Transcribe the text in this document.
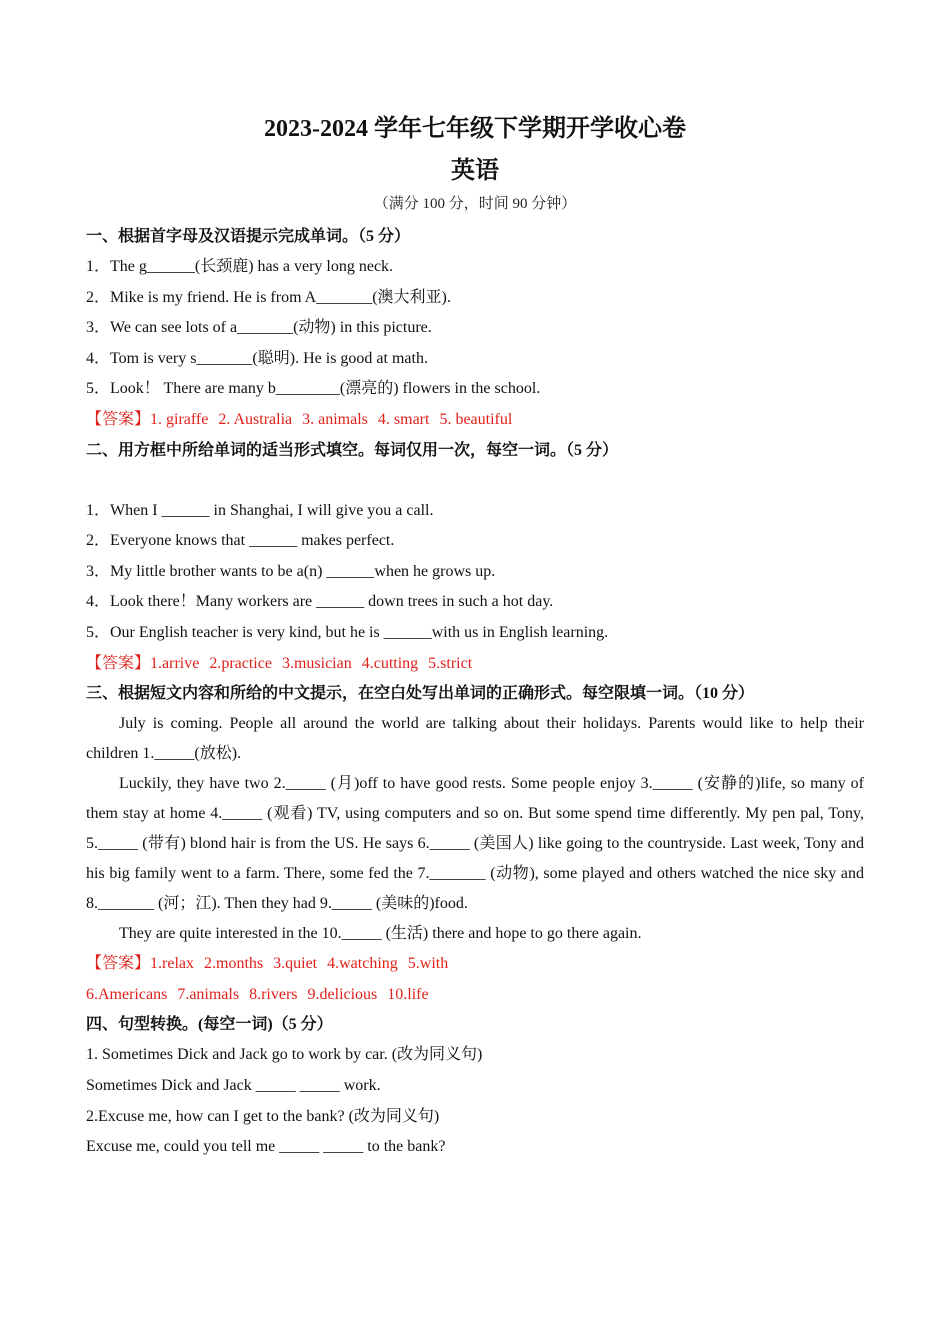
2023-2024 学年七年级下学期开学收心卷

英语

（满分 100 分，时间 90 分钟）

一、根据首字母及汉语提示完成单词。（5 分）

1．The g______(长颈鹿) has a very long neck.

2．Mike is my friend. He is from A_______(澳大利亚).

3．We can see lots of a_______(动物) in this picture.

4．Tom is very s_______(聪明). He is good at math.

5．Look！ There are many b________(漂亮的) flowers in the school.

【答案】1. giraffe 2. Australia 3. animals 4. smart 5. beautiful

二、用方框中所给单词的适当形式填空。每词仅用一次，每空一词。（5 分）

1．When I ______ in Shanghai, I will give you a call.

2．Everyone knows that ______ makes perfect.

3．My little brother wants to be a(n) ______when he grows up.

4．Look there！Many workers are ______ down trees in such a hot day.

5．Our English teacher is very kind, but he is ______with us in English learning.

【答案】1.arrive 2.practice 3.musician 4.cutting 5.strict

三、根据短文内容和所给的中文提示，在空白处写出单词的正确形式。每空限填一词。（10 分）

July is coming. People all around the world are talking about their holidays. Parents would like to help their children 1._____(放松).

Luckily, they have two 2._____ (月)off to have good rests. Some people enjoy 3._____ (安静的)life, so many of them stay at home 4._____ (观看) TV, using computers and so on. But some spend time differently. My pen pal, Tony, 5._____ (带有) blond hair is from the US. He says 6._____ (美国人) like going to the countryside. Last week, Tony and his big family went to a farm. There, some fed the 7._______ (动物), some played and others watched the nice sky and 8._______ (河；江). Then they had 9._____ (美味的)food.

They are quite interested in the 10._____ (生活) there and hope to go there again.

【答案】1.relax 2.months 3.quiet 4.watching 5.with

6.Americans 7.animals 8.rivers 9.delicious 10.life

四、句型转换。(每空一词)（5 分）

1. Sometimes Dick and Jack go to work by car. (改为同义句)

Sometimes Dick and Jack _____ _____ work.

2.Excuse me, how can I get to the bank? (改为同义句)

Excuse me, could you tell me _____ _____ to the bank?
